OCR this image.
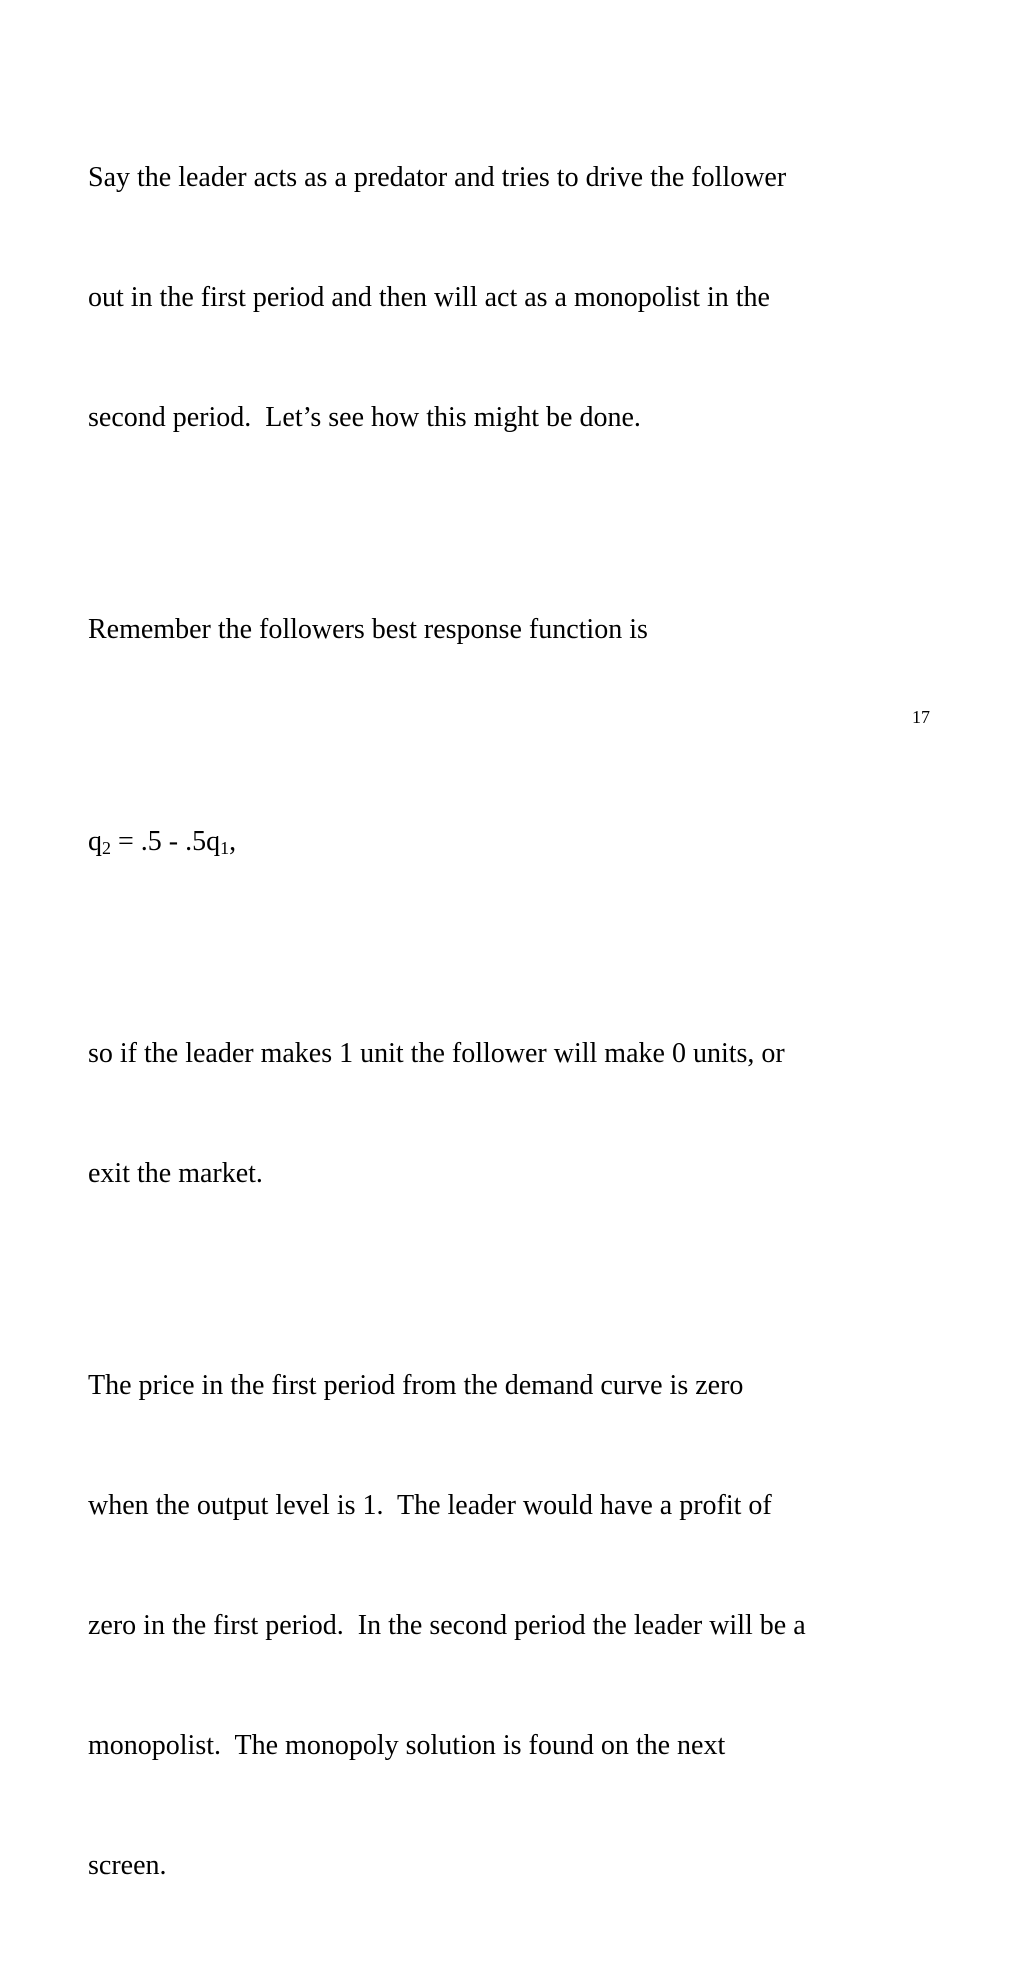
Say the leader acts as a predator and tries to drive the follower

out in the first period and then will act as a monopolist in the

second period.  Let’s see how this might be done.

Remember the followers best response function is

$q_2 = .5 - .5q_1$,

so if the leader makes 1 unit the follower will make 0 units, or

exit the market.

The price in the first period from the demand curve is zero

when the output level is 1.  The leader would have a profit of

zero in the first period.  In the second period the leader will be a

monopolist.  The monopoly solution is found on the next

screen.

17
